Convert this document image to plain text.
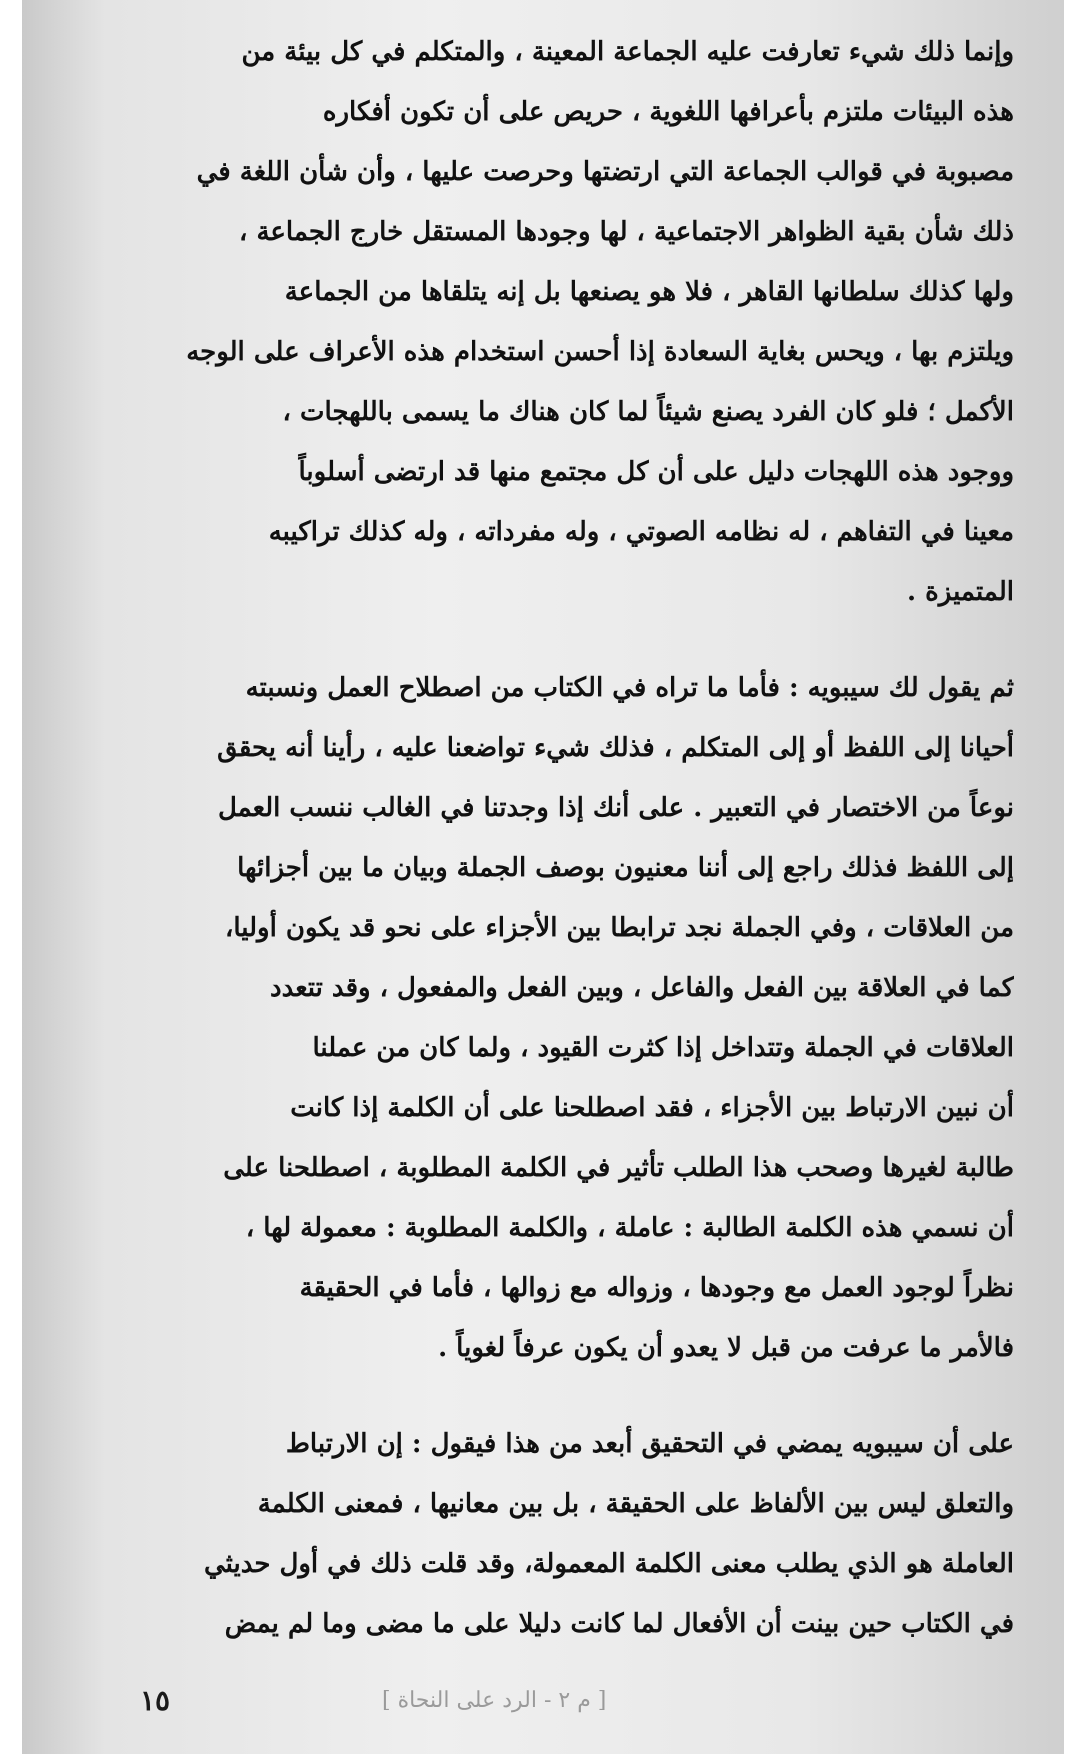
وإنما ذلك شيء تعارفت عليه الجماعة المعينة ، والمتكلم في كل بيئة من
هذه البيئات ملتزم بأعرافها اللغوية ، حريص على أن تكون أفكاره
مصبوبة في قوالب الجماعة التي ارتضتها وحرصت عليها ، وأن شأن اللغة في
ذلك شأن بقية الظواهر الاجتماعية ، لها وجودها المستقل خارج الجماعة ،
ولها كذلك سلطانها القاهر ، فلا هو يصنعها بل إنه يتلقاها من الجماعة
ويلتزم بها ، ويحس بغاية السعادة إذا أحسن استخدام هذه الأعراف على الوجه
الأكمل ؛ فلو كان الفرد يصنع شيئاً لما كان هناك ما يسمى باللهجات ،
ووجود هذه اللهجات دليل على أن كل مجتمع منها قد ارتضى أسلوباً
معينا في التفاهم ، له نظامه الصوتي ، وله مفرداته ، وله كذلك تراكيبه
المتميزة .

ثم يقول لك سيبويه : فأما ما تراه في الكتاب من اصطلاح العمل ونسبته
أحيانا إلى اللفظ أو إلى المتكلم ، فذلك شيء تواضعنا عليه ، رأينا أنه يحقق
نوعاً من الاختصار في التعبير . على أنك إذا وجدتنا في الغالب ننسب العمل
إلى اللفظ فذلك راجع إلى أننا معنيون بوصف الجملة وبيان ما بين أجزائها
من العلاقات ، وفي الجملة نجد ترابطا بين الأجزاء على نحو قد يكون أوليا،
كما في العلاقة بين الفعل والفاعل ، وبين الفعل والمفعول ، وقد تتعدد
العلاقات في الجملة وتتداخل إذا كثرت القيود ، ولما كان من عملنا
أن نبين الارتباط بين الأجزاء ، فقد اصطلحنا على أن الكلمة إذا كانت
طالبة لغيرها وصحب هذا الطلب تأثير في الكلمة المطلوبة ، اصطلحنا على
أن نسمي هذه الكلمة الطالبة : عاملة ، والكلمة المطلوبة : معمولة لها ،
نظراً لوجود العمل مع وجودها ، وزواله مع زوالها ، فأما في الحقيقة
فالأمر ما عرفت من قبل لا يعدو أن يكون عرفاً لغوياً .

على أن سيبويه يمضي في التحقيق أبعد من هذا فيقول : إن الارتباط
والتعلق ليس بين الألفاظ على الحقيقة ، بل بين معانيها ، فمعنى الكلمة
العاملة هو الذي يطلب معنى الكلمة المعمولة، وقد قلت ذلك في أول حديثي
في الكتاب حين بينت أن الأفعال لما كانت دليلا على ما مضى وما لم يمض

[ م ٢ - الرد على النحاة ]
١٥
